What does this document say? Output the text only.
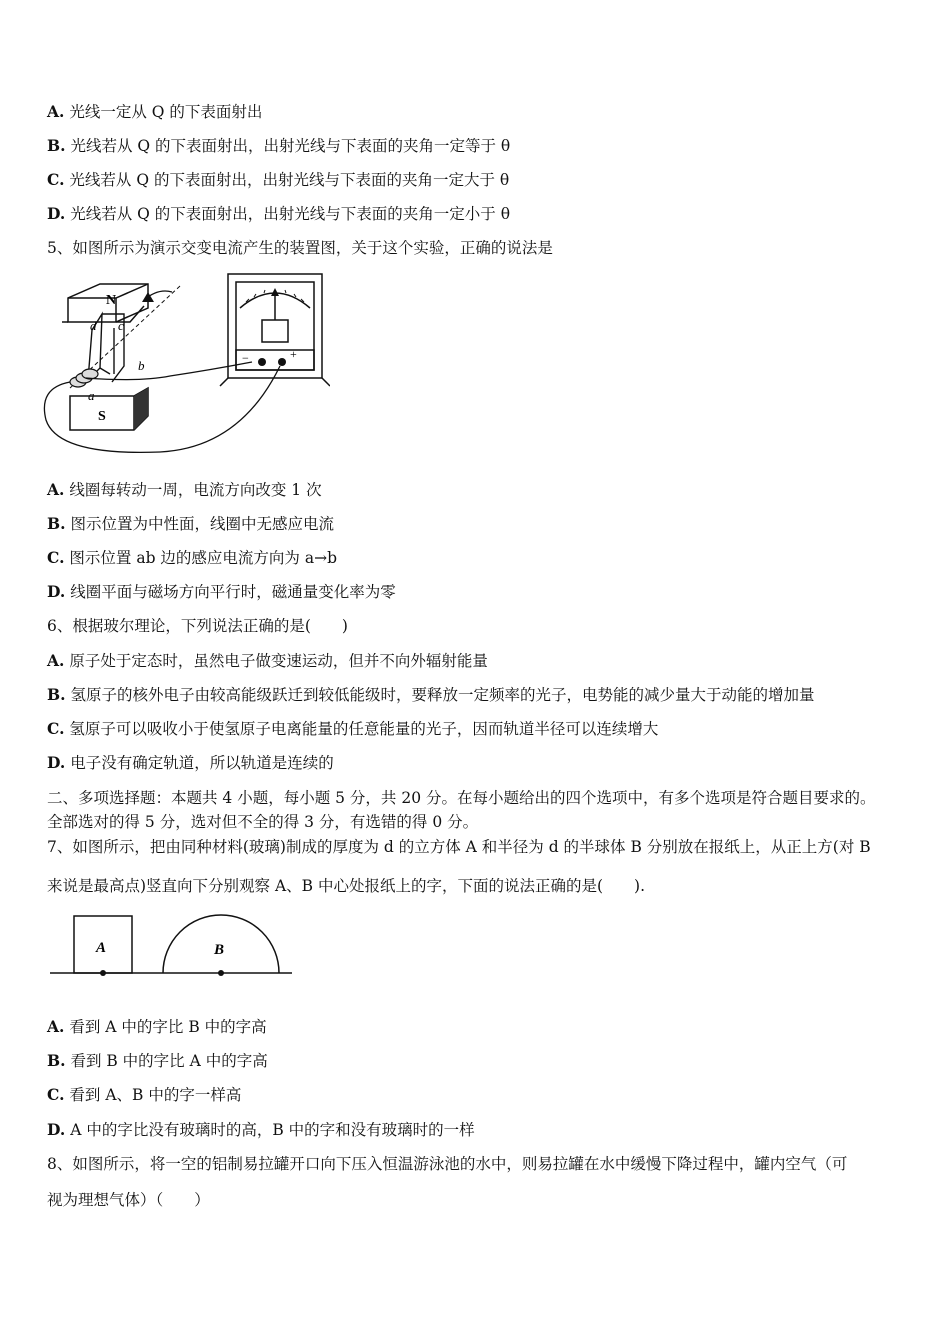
A. 光线一定从 Q 的下表面射出
B. 光线若从 Q 的下表面射出，出射光线与下表面的夹角一定等于 θ
C. 光线若从 Q 的下表面射出，出射光线与下表面的夹角一定大于 θ
D. 光线若从 Q 的下表面射出，出射光线与下表面的夹角一定小于 θ
5、如图所示为演示交变电流产生的装置图，关于这个实验，正确的说法是
N
d c
a
b
S
−	+
A. 线圈每转动一周，电流方向改变 1 次
B. 图示位置为中性面，线圈中无感应电流
C. 图示位置 ab 边的感应电流方向为 a→b
D. 线圈平面与磁场方向平行时，磁通量变化率为零
6、根据玻尔理论，下列说法正确的是(　　)
A. 原子处于定态时，虽然电子做变速运动，但并不向外辐射能量
B. 氢原子的核外电子由较高能级跃迁到较低能级时，要释放一定频率的光子，电势能的减少量大于动能的增加量
C. 氢原子可以吸收小于使氢原子电离能量的任意能量的光子，因而轨道半径可以连续增大
D. 电子没有确定轨道，所以轨道是连续的
二、多项选择题：本题共 4 小题，每小题 5 分，共 20 分。在每小题给出的四个选项中，有多个选项是符合题目要求的。
全部选对的得 5 分，选对但不全的得 3 分，有选错的得 0 分。
7、如图所示，把由同种材料(玻璃)制成的厚度为 d 的立方体 A 和半径为 d 的半球体 B 分别放在报纸上，从正上方(对 B
来说是最高点)竖直向下分别观察 A、B 中心处报纸上的字，下面的说法正确的是(　　).
A	B
A. 看到 A 中的字比 B 中的字高
B. 看到 B 中的字比 A 中的字高
C. 看到 A、B 中的字一样高
D. A 中的字比没有玻璃时的高，B 中的字和没有玻璃时的一样
8、如图所示，将一空的铝制易拉罐开口向下压入恒温游泳池的水中，则易拉罐在水中缓慢下降过程中，罐内空气（可
视为理想气体）（　　）
